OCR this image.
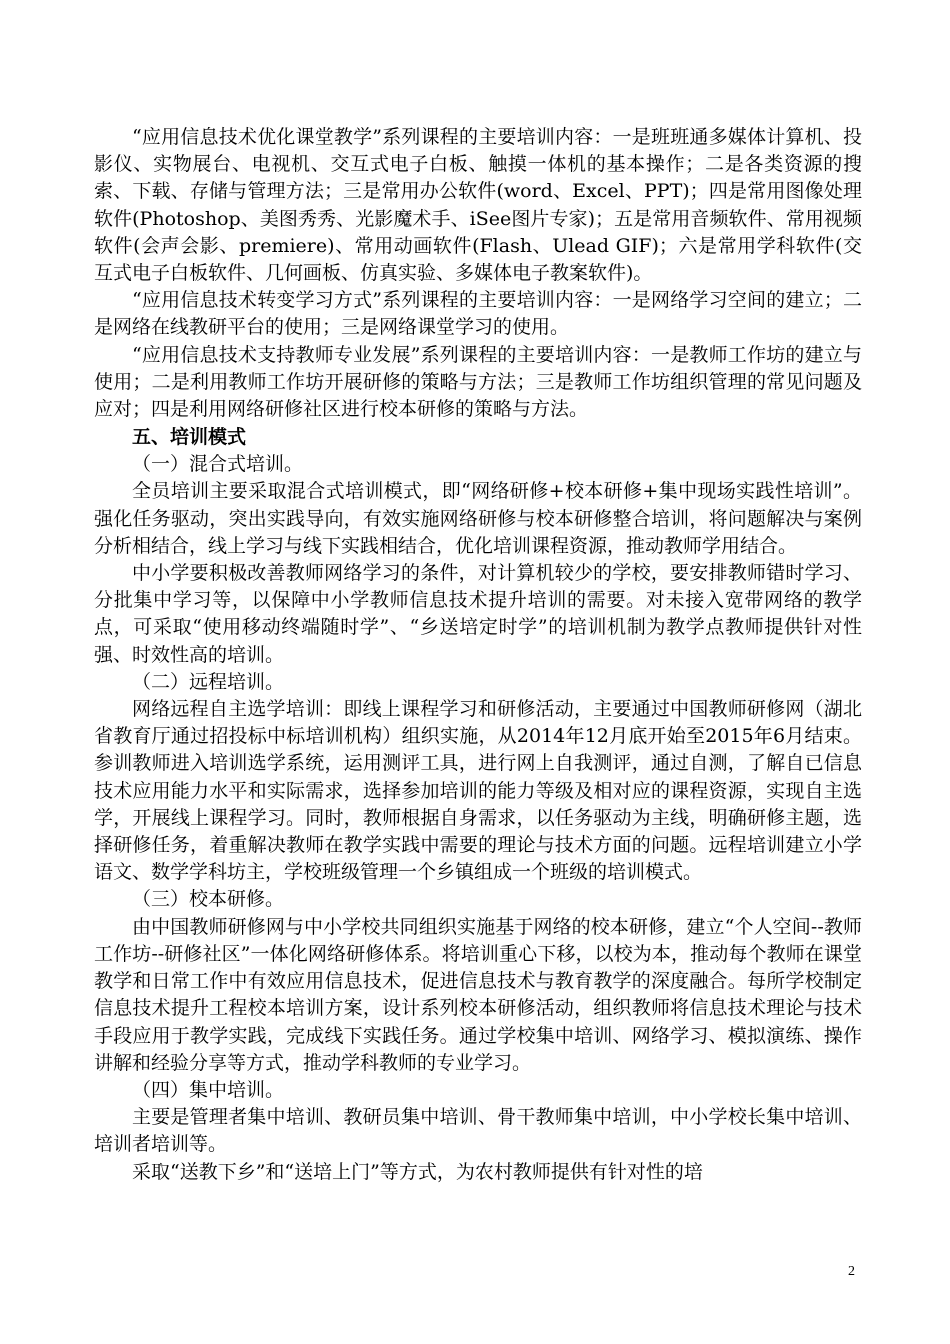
“应用信息技术优化课堂教学”系列课程的主要培训内容：一是班班通多媒体计算机、投影仪、实物展台、电视机、交互式电子白板、触摸一体机的基本操作；二是各类资源的搜索、下载、存储与管理方法；三是常用办公软件(word、Excel、PPT)；四是常用图像处理软件(Photoshop、美图秀秀、光影魔术手、iSee图片专家)；五是常用音频软件、常用视频软件(会声会影、premiere)、常用动画软件(Flash、Ulead GIF)；六是常用学科软件(交互式电子白板软件、几何画板、仿真实验、多媒体电子教案软件)。

“应用信息技术转变学习方式”系列课程的主要培训内容：一是网络学习空间的建立；二是网络在线教研平台的使用；三是网络课堂学习的使用。

“应用信息技术支持教师专业发展”系列课程的主要培训内容：一是教师工作坊的建立与使用；二是利用教师工作坊开展研修的策略与方法；三是教师工作坊组织管理的常见问题及应对；四是利用网络研修社区进行校本研修的策略与方法。

五、培训模式

（一）混合式培训。

全员培训主要采取混合式培训模式，即“网络研修+校本研修+集中现场实践性培训”。强化任务驱动，突出实践导向，有效实施网络研修与校本研修整合培训，将问题解决与案例分析相结合，线上学习与线下实践相结合，优化培训课程资源，推动教师学用结合。

中小学要积极改善教师网络学习的条件，对计算机较少的学校，要安排教师错时学习、分批集中学习等，以保障中小学教师信息技术提升培训的需要。对未接入宽带网络的教学点，可采取“使用移动终端随时学”、“乡送培定时学”的培训机制为教学点教师提供针对性强、时效性高的培训。

（二）远程培训。

网络远程自主选学培训：即线上课程学习和研修活动，主要通过中国教师研修网（湖北省教育厅通过招投标中标培训机构）组织实施，从2014年12月底开始至2015年6月结束。参训教师进入培训选学系统，运用测评工具，进行网上自我测评，通过自测，了解自已信息技术应用能力水平和实际需求，选择参加培训的能力等级及相对应的课程资源，实现自主选学，开展线上课程学习。同时，教师根据自身需求，以任务驱动为主线，明确研修主题，选择研修任务，着重解决教师在教学实践中需要的理论与技术方面的问题。远程培训建立小学语文、数学学科坊主，学校班级管理一个乡镇组成一个班级的培训模式。

（三）校本研修。

由中国教师研修网与中小学校共同组织实施基于网络的校本研修，建立“个人空间--教师工作坊--研修社区”一体化网络研修体系。将培训重心下移，以校为本，推动每个教师在课堂教学和日常工作中有效应用信息技术，促进信息技术与教育教学的深度融合。每所学校制定信息技术提升工程校本培训方案，设计系列校本研修活动，组织教师将信息技术理论与技术手段应用于教学实践，完成线下实践任务。通过学校集中培训、网络学习、模拟演练、操作讲解和经验分享等方式，推动学科教师的专业学习。

（四）集中培训。

主要是管理者集中培训、教研员集中培训、骨干教师集中培训，中小学校长集中培训、培训者培训等。

采取“送教下乡”和“送培上门”等方式，为农村教师提供有针对性的培

2
